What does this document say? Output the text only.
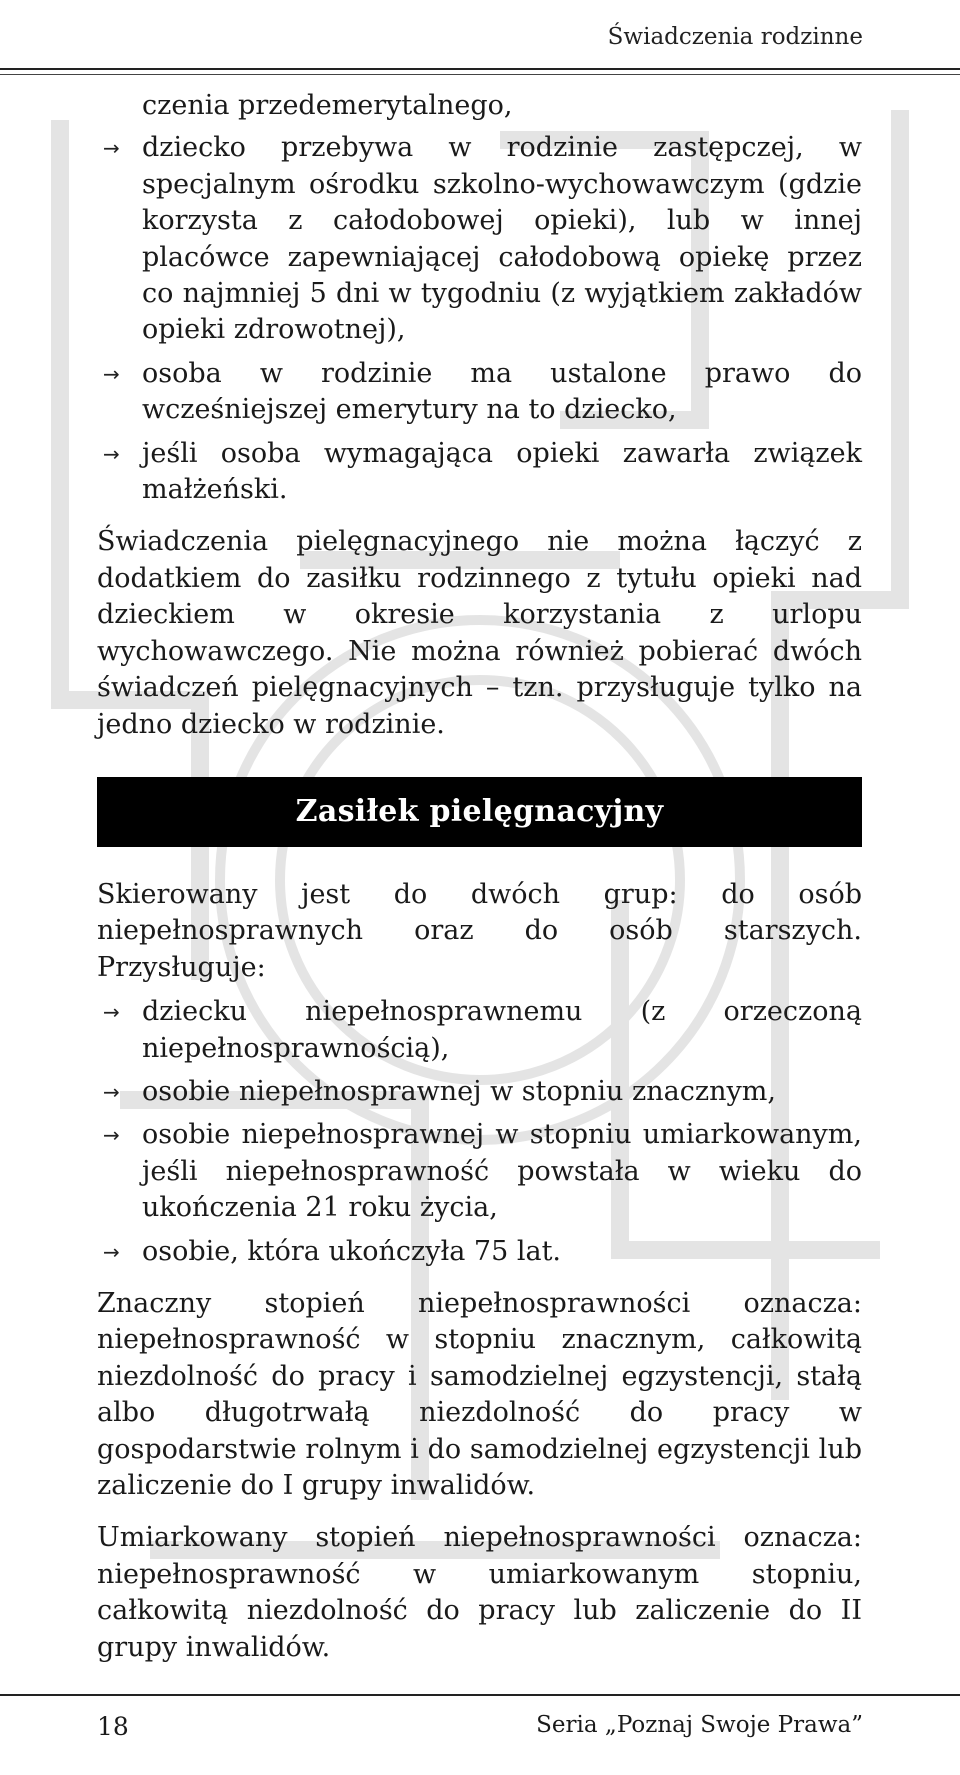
Świadczenia rodzinne

czenia przedemerytalnego,

→ dziecko przebywa w rodzinie zastępczej, w specjalnym ośrodku szkolno-wychowawczym (gdzie korzysta z całodobowej opieki), lub w innej placówce zapewniającej całodobową opiekę przez co najmniej 5 dni w tygodniu (z wyjątkiem zakładów opieki zdrowotnej),
→ osoba w rodzinie ma ustalone prawo do wcześniejszej emerytury na to dziecko,
→ jeśli osoba wymagająca opieki zawarła związek małżeński.

Świadczenia pielęgnacyjnego nie można łączyć z dodatkiem do zasiłku rodzinnego z tytułu opieki nad dzieckiem w okresie korzystania z urlopu wychowawczego. Nie można również pobierać dwóch świadczeń pielęgnacyjnych – tzn. przysługuje tylko na jedno dziecko w rodzinie.

Zasiłek pielęgnacyjny

Skierowany jest do dwóch grup: do osób niepełnosprawnych oraz do osób starszych. Przysługuje:

→ dziecku niepełnosprawnemu (z orzeczoną niepełnosprawnością),
→ osobie niepełnosprawnej w stopniu znacznym,
→ osobie niepełnosprawnej w stopniu umiarkowanym, jeśli niepełnosprawność powstała w wieku do ukończenia 21 roku życia,
→ osobie, która ukończyła 75 lat.

Znaczny stopień niepełnosprawności oznacza: niepełnosprawność w stopniu znacznym, całkowitą niezdolność do pracy i samodzielnej egzystencji, stałą albo długotrwałą niezdolność do pracy w gospodarstwie rolnym i do samodzielnej egzystencji lub zaliczenie do I grupy inwalidów.

Umiarkowany stopień niepełnosprawności oznacza: niepełnosprawność w umiarkowanym stopniu, całkowitą niezdolność do pracy lub zaliczenie do II grupy inwalidów.

18	Seria „Poznaj Swoje Prawa”
